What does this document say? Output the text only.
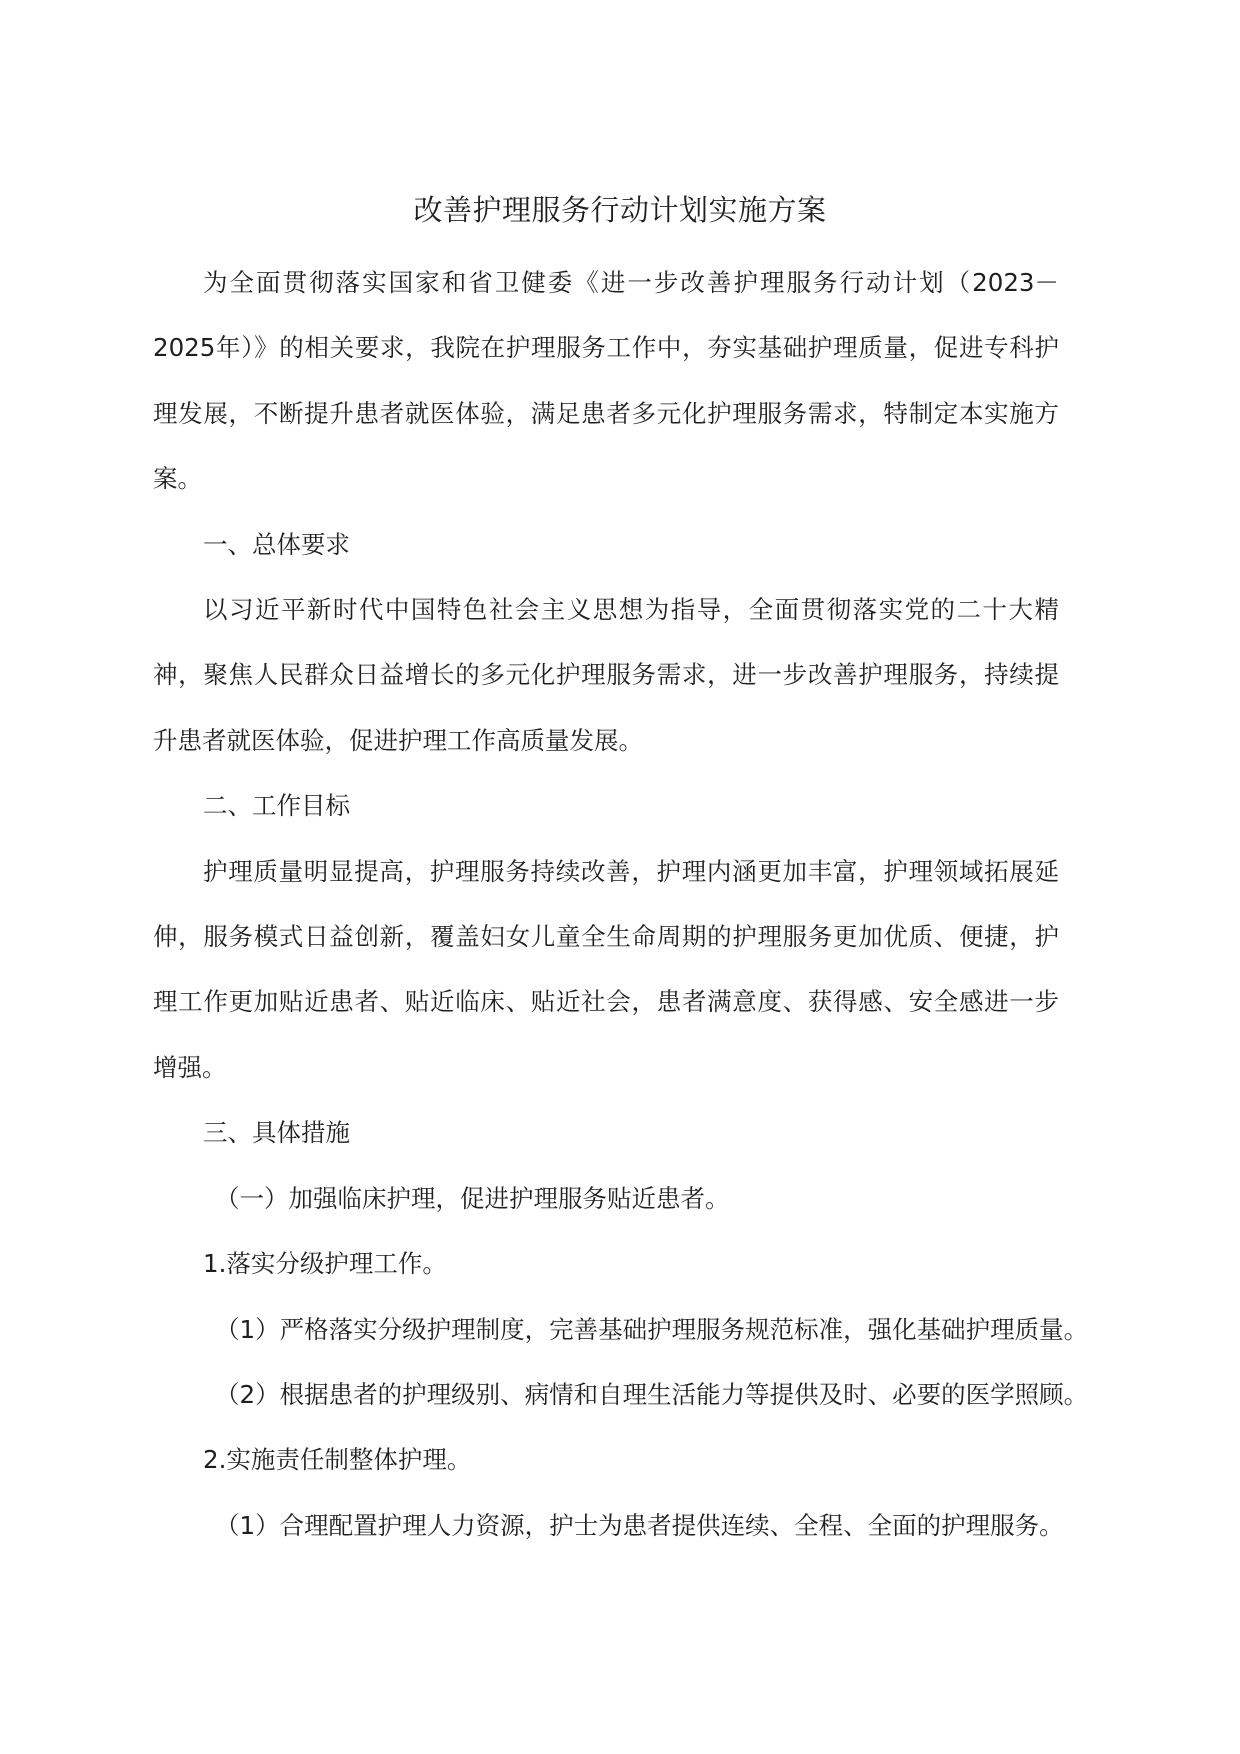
改善护理服务行动计划实施方案

为全面贯彻落实国家和省卫健委《进一步改善护理服务行动计划（2023－2025年）》的相关要求，我院在护理服务工作中，夯实基础护理质量，促进专科护理发展，不断提升患者就医体验，满足患者多元化护理服务需求，特制定本实施方案。

一、总体要求

以习近平新时代中国特色社会主义思想为指导，全面贯彻落实党的二十大精神，聚焦人民群众日益增长的多元化护理服务需求，进一步改善护理服务，持续提升患者就医体验，促进护理工作高质量发展。

二、工作目标

护理质量明显提高，护理服务持续改善，护理内涵更加丰富，护理领域拓展延伸，服务模式日益创新，覆盖妇女儿童全生命周期的护理服务更加优质、便捷，护理工作更加贴近患者、贴近临床、贴近社会，患者满意度、获得感、安全感进一步增强。

三、具体措施

（一）加强临床护理，促进护理服务贴近患者。

1.落实分级护理工作。

（1）严格落实分级护理制度，完善基础护理服务规范标准，强化基础护理质量。

（2）根据患者的护理级别、病情和自理生活能力等提供及时、必要的医学照顾。

2.实施责任制整体护理。

（1）合理配置护理人力资源，护士为患者提供连续、全程、全面的护理服务。
